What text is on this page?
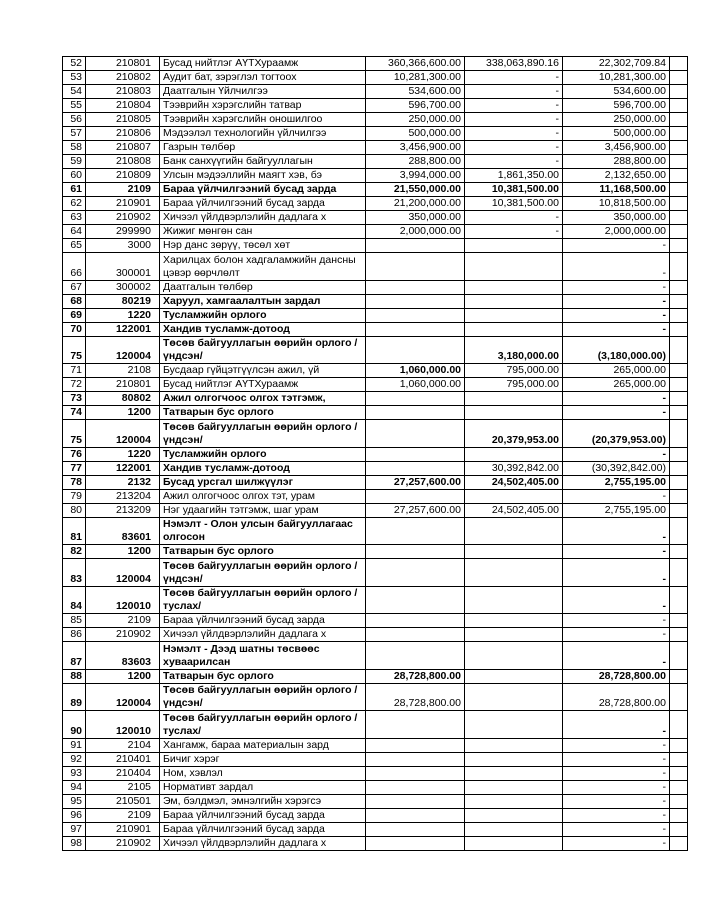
52	210801	Бусад нийтлэг АҮТХураамж	360,366,600.00	338,063,890.16	22,302,709.84	
53	210802	Аудит бат, зэрэглэл тогтоох	10,281,300.00	-	10,281,300.00	
54	210803	Даатгалын Үйлчилгээ	534,600.00	-	534,600.00	
55	210804	Тээврийн хэрэгслийн татвар	596,700.00	-	596,700.00	
56	210805	Тээврийн хэрэгслийн оношилгоо	250,000.00	-	250,000.00	
57	210806	Мэдээлэл технологийн үйлчилгээ	500,000.00	-	500,000.00	
58	210807	Газрын төлбөр	3,456,900.00	-	3,456,900.00	
59	210808	Банк санхүүгийн байгууллагын	288,800.00	-	288,800.00	
60	210809	Улсын мэдээллийн маягт хэв, бэ	3,994,000.00	1,861,350.00	2,132,650.00	
61	2109	Бараа үйлчилгээний бусад зарда	21,550,000.00	10,381,500.00	11,168,500.00	
62	210901	Бараа үйлчилгээний бусад зарда	21,200,000.00	10,381,500.00	10,818,500.00	
63	210902	Хичээл үйлдвэрлэлийн дадлага х	350,000.00	-	350,000.00	
64	299990	Жижиг мөнгөн сан	2,000,000.00	-	2,000,000.00	
65	3000	Нэр данс зөрүү, төсөл хөт			-	
66	300001	Харилцах болон хадгаламжийн дансны цэвэр өөрчлөлт			-	
67	300002	Даатгалын төлбөр			-	
68	80219	Харуул, хамгаалалтын зардал			-	
69	1220	Тусламжийн орлого			-	
70	122001	Хандив тусламж-дотоод			-	
75	120004	Төсөв байгууллагын өөрийн орлого /үндсэн/		3,180,000.00	(3,180,000.00)	
71	2108	Бусдаар гүйцэтгүүлсэн ажил, үй	1,060,000.00	795,000.00	265,000.00	
72	210801	Бусад нийтлэг АҮТХураамж	1,060,000.00	795,000.00	265,000.00	
73	80802	Ажил олгогчоос олгох тэтгэмж,			-	
74	1200	Татварын бус орлого			-	
75	120004	Төсөв байгууллагын өөрийн орлого /үндсэн/		20,379,953.00	(20,379,953.00)	
76	1220	Тусламжийн орлого			-	
77	122001	Хандив тусламж-дотоод		30,392,842.00	(30,392,842.00)	
78	2132	Бусад урсгал шилжүүлэг	27,257,600.00	24,502,405.00	2,755,195.00	
79	213204	Ажил олгогчоос олгох тэт, урам			-	
80	213209	Нэг удаагийн тэтгэмж, шаг урам	27,257,600.00	24,502,405.00	2,755,195.00	
81	83601	Нэмэлт - Олон улсын байгууллагаас олгосон			-	
82	1200	Татварын бус орлого			-	
83	120004	Төсөв байгууллагын өөрийн орлого /үндсэн/			-	
84	120010	Төсөв байгууллагын өөрийн орлого /туслах/			-	
85	2109	Бараа үйлчилгээний бусад зарда			-	
86	210902	Хичээл үйлдвэрлэлийн дадлага х			-	
87	83603	Нэмэлт - Дээд шатны төсвөөс хуваарилсан			-	
88	1200	Татварын бус орлого	28,728,800.00		28,728,800.00	
89	120004	Төсөв байгууллагын өөрийн орлого /үндсэн/	28,728,800.00		28,728,800.00	
90	120010	Төсөв байгууллагын өөрийн орлого /туслах/			-	
91	2104	Хангамж, бараа материалын зард			-	
92	210401	Бичиг хэрэг			-	
93	210404	Ном, хэвлэл			-	
94	2105	Нормативт зардал			-	
95	210501	Эм, бэлдмэл, эмнэлгийн хэрэгсэ			-	
96	2109	Бараа үйлчилгээний бусад зарда			-	
97	210901	Бараа үйлчилгээний бусад зарда			-	
98	210902	Хичээл үйлдвэрлэлийн дадлага х			-	
